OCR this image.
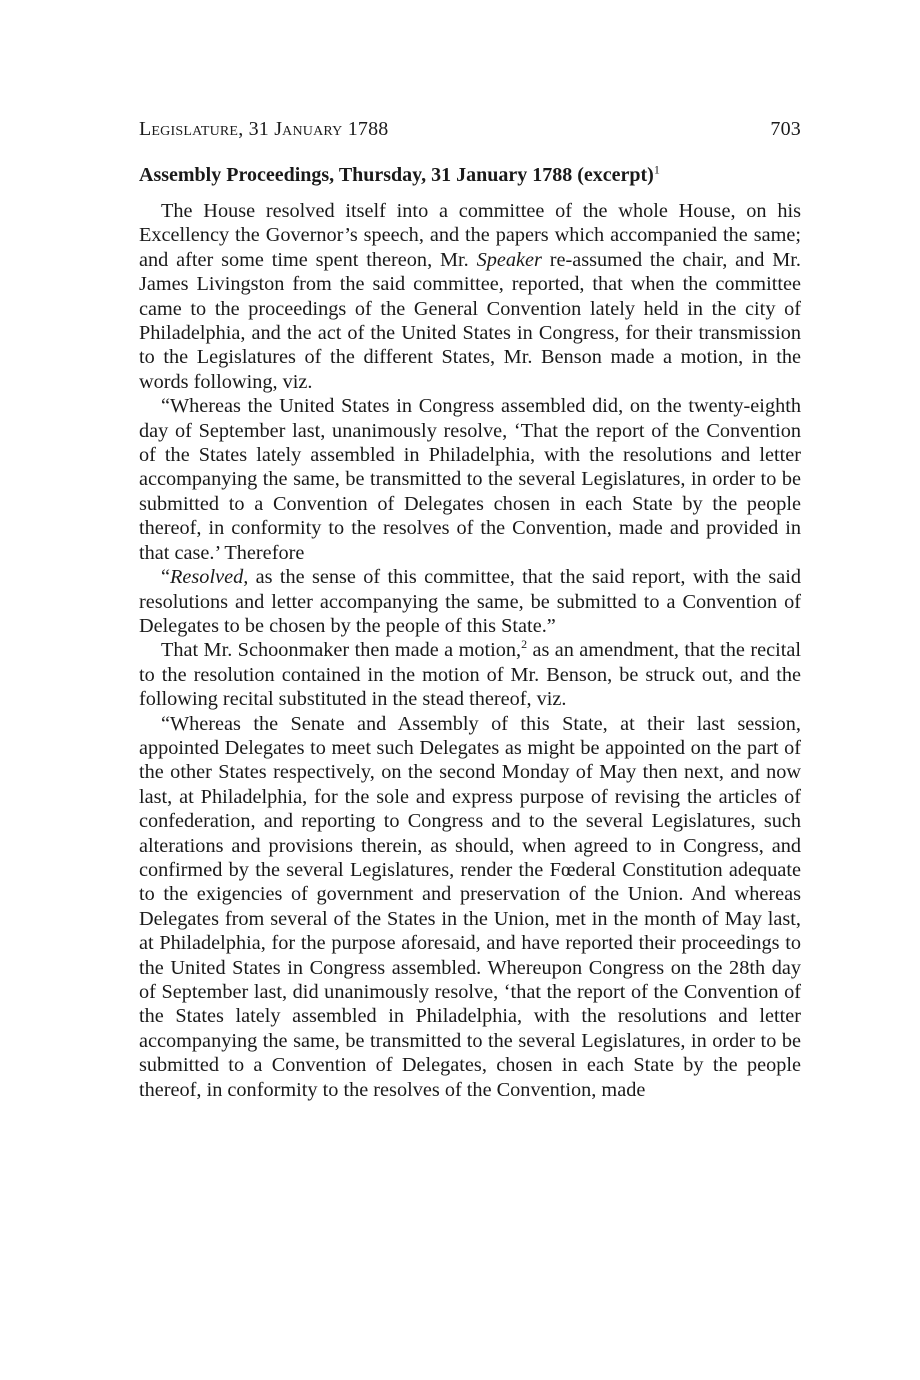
Legislature, 31 January 1788	703
Assembly Proceedings, Thursday, 31 January 1788 (excerpt)$^1$

The House resolved itself into a committee of the whole House, on his Excellency the Governor’s speech, and the papers which accompanied the same; and after some time spent thereon, Mr. Speaker re-assumed the chair, and Mr. James Livingston from the said committee, reported, that when the committee came to the proceedings of the General Convention lately held in the city of Philadelphia, and the act of the United States in Congress, for their transmission to the Legislatures of the different States, Mr. Benson made a motion, in the words following, viz.

“Whereas the United States in Congress assembled did, on the twenty-eighth day of September last, unanimously resolve, ‘That the report of the Convention of the States lately assembled in Philadelphia, with the resolutions and letter accompanying the same, be transmitted to the several Legislatures, in order to be submitted to a Convention of Delegates chosen in each State by the people thereof, in conformity to the resolves of the Convention, made and provided in that case.’ Therefore

“Resolved, as the sense of this committee, that the said report, with the said resolutions and letter accompanying the same, be submitted to a Convention of Delegates to be chosen by the people of this State.”

That Mr. Schoonmaker then made a motion,$^2$ as an amendment, that the recital to the resolution contained in the motion of Mr. Benson, be struck out, and the following recital substituted in the stead thereof, viz.

“Whereas the Senate and Assembly of this State, at their last session, appointed Delegates to meet such Delegates as might be appointed on the part of the other States respectively, on the second Monday of May then next, and now last, at Philadelphia, for the sole and express purpose of revising the articles of confederation, and reporting to Congress and to the several Legislatures, such alterations and provisions therein, as should, when agreed to in Congress, and confirmed by the several Legislatures, render the Fœderal Constitution adequate to the exigencies of government and preservation of the Union. And whereas Delegates from several of the States in the Union, met in the month of May last, at Philadelphia, for the purpose aforesaid, and have reported their proceedings to the United States in Congress assembled. Whereupon Congress on the 28th day of September last, did unanimously resolve, ‘that the report of the Convention of the States lately assembled in Philadelphia, with the resolutions and letter accompanying the same, be transmitted to the several Legislatures, in order to be submitted to a Convention of Delegates, chosen in each State by the people thereof, in conformity to the resolves of the Convention, made
